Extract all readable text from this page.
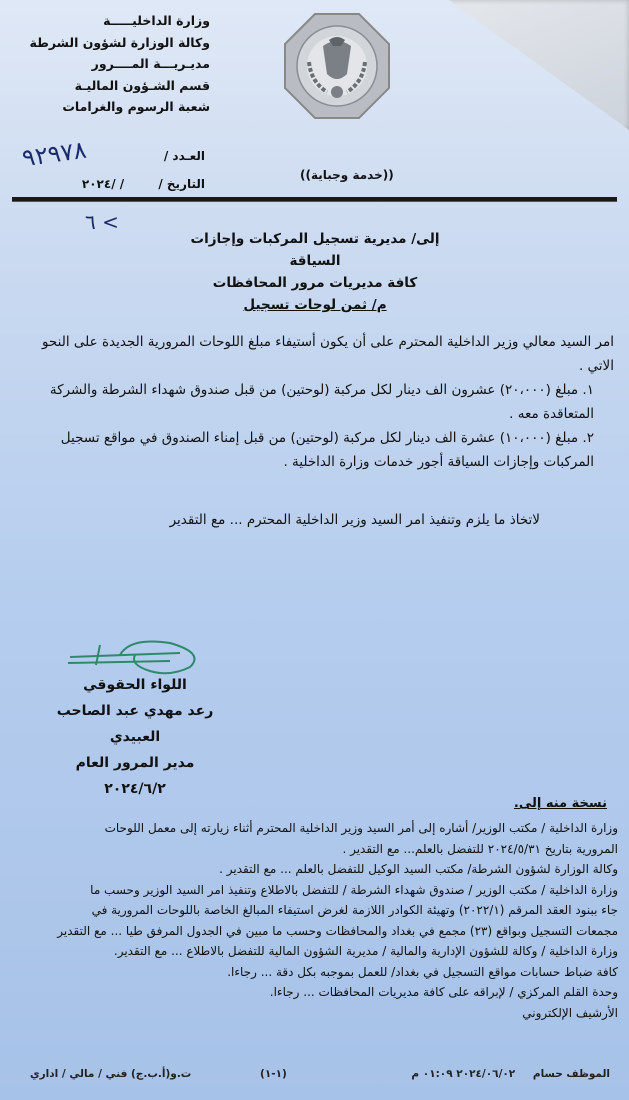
وزارة الداخليـــــة
وكالة الوزارة لشؤون الشرطة
مديـريـــة المــــرور
قسم الشـؤون الماليـة
شعبة الرسوم والغرامات
٩٢٩٧٨	العـدد /
التاريخ / / /٢٠٢٤
((خدمة وجباية))
٦ <
إلى/ مديرية تسجيل المركبات وإجازات السياقة
كافة مديريات مرور المحافظات
م/ ثمن لوحات تسجيل
امر السيد معالي وزير الداخلية المحترم على أن يكون أستيفاء مبلغ اللوحات المرورية الجديدة على النحو الاتي .
١. مبلغ (٢٠،٠٠٠) عشرون الف دينار لكل مركبة (لوحتين) من قبل صندوق شهداء الشرطة والشركة المتعاقدة معه .
٢. مبلغ (١٠،٠٠٠) عشرة الف دينار لكل مركبة (لوحتين) من قبل إمناء الصندوق في مواقع تسجيل المركبات وإجازات السياقة أجور خدمات وزارة الداخلية .
لاتخاذ ما يلزم وتنفيذ امر السيد وزير الداخلية المحترم ... مع التقدير
اللواء الحقوقي
رعد مهدي عبد الصاحب العبيدي
مدير المرور العام
٢٠٢٤/٦/٢
نسخة منه إلى.
وزارة الداخلية / مكتب الوزير/ أشاره إلى أمر السيد وزير الداخلية المحترم أثناء زيارته إلى معمل اللوحات
المرورية بتاريخ ٢٠٢٤/٥/٣١ للتفضل بالعلم... مع التقدير .
وكالة الوزارة لشؤون الشرطة/ مكتب السيد الوكيل للتفضل بالعلم ... مع التقدير .
وزارة الداخلية / مكتب الوزير / صندوق شهداء الشرطة / للتفضل بالاطلاع وتنفيذ امر السيد الوزير وحسب ما
جاء ببنود العقد المرقم (٢٠٢٢/١) وتهيئة الكوادر اللازمة لغرض استيفاء المبالغ الخاصة باللوحات المرورية في
مجمعات التسجيل وبواقع (٢٣) مجمع في بغداد والمحافظات وحسب ما مبين في الجدول المرفق طيا ... مع التقدير
وزارة الداخلية / وكالة للشؤون الإدارية والمالية / مديرية الشؤون المالية للتفضل بالاطلاع ... مع التقدير.
كافة ضباط حسابات مواقع التسجيل في بغداد/ للعمل بموجبه بكل دقة ... رجاءا.
وحدة القلم المركزي / لإبراقه على كافة مديريات المحافظات ... رجاءا.
الأرشيف الإلكتروني
الموظف حسام ٢٠٢٤/٠٦/٠٢ ٠١:٠٩ م
(١-١)
ت.و(أ.ب.ج) فني / مالي / اداري
